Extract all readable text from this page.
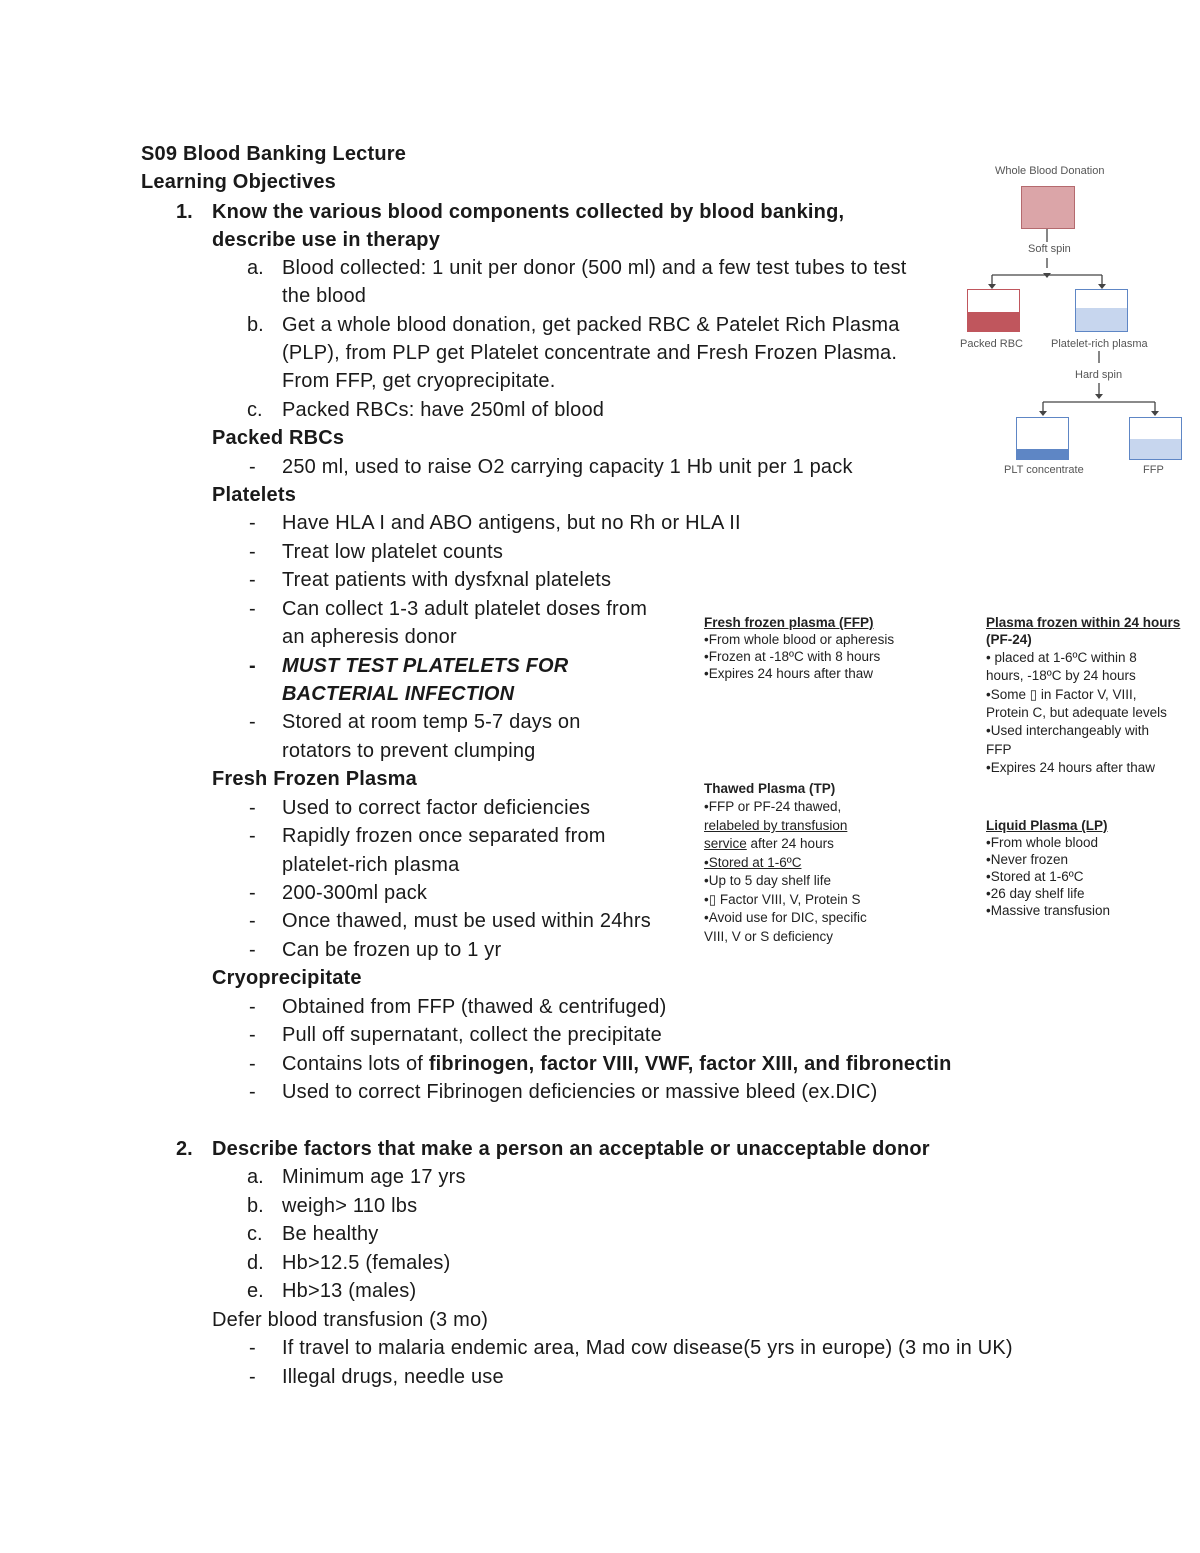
S09 Blood Banking Lecture
Learning Objectives
1. Know the various blood components collected by blood banking,
describe use in therapy
a. Blood collected: 1 unit per donor (500 ml) and a few test tubes to test
the blood
b. Get a whole blood donation, get packed RBC & Patelet Rich Plasma
(PLP), from PLP get Platelet concentrate and Fresh Frozen Plasma.
From FFP, get cryoprecipitate.
c. Packed RBCs: have 250ml of blood
Packed RBCs
- 250 ml, used to raise O2 carrying capacity 1 Hb unit per 1 pack
Platelets
- Have HLA I and ABO antigens, but no Rh or HLA II
- Treat low platelet counts
- Treat patients with dysfxnal platelets
- Can collect 1-3 adult platelet doses from
an apheresis donor
- MUST TEST PLATELETS FOR
BACTERIAL INFECTION
- Stored at room temp 5-7 days on
rotators to prevent clumping
Fresh Frozen Plasma
- Used to correct factor deficiencies
- Rapidly frozen once separated from
platelet-rich plasma
- 200-300ml pack
- Once thawed, must be used within 24hrs
- Can be frozen up to 1 yr
Cryoprecipitate
- Obtained from FFP (thawed & centrifuged)
- Pull off supernatant, collect the precipitate
- Contains lots of fibrinogen, factor VIII, VWF, factor XIII, and fibronectin
- Used to correct Fibrinogen deficiencies or massive bleed (ex.DIC)
2. Describe factors that make a person an acceptable or unacceptable donor
a. Minimum age 17 yrs
b. weigh> 110 lbs
c. Be healthy
d. Hb>12.5 (females)
e. Hb>13 (males)
Defer blood transfusion (3 mo)
- If travel to malaria endemic area, Mad cow disease(5 yrs in europe) (3 mo in UK)
- Illegal drugs, needle use
Whole Blood Donation
Soft spin
Packed RBC	Platelet-rich plasma
Hard spin
PLT concentrate	FFP
Fresh frozen plasma (FFP)
•From whole blood or apheresis
•Frozen at -18ºC with 8 hours
•Expires 24 hours after thaw
Plasma frozen within 24 hours
(PF-24)
• placed at 1-6ºC within 8
hours, -18ºC by 24 hours
•Some ▯ in Factor V, VIII,
Protein C, but adequate levels
•Used interchangeably with
FFP
•Expires 24 hours after thaw
Thawed Plasma (TP)
•FFP or PF-24 thawed,
relabeled by transfusion
service after 24 hours
•Stored at 1-6ºC
•Up to 5 day shelf life
•▯ Factor VIII, V, Protein S
•Avoid use for DIC, specific
VIII, V or S deficiency
Liquid Plasma (LP)
•From whole blood
•Never frozen
•Stored at 1-6ºC
•26 day shelf life
•Massive transfusion
